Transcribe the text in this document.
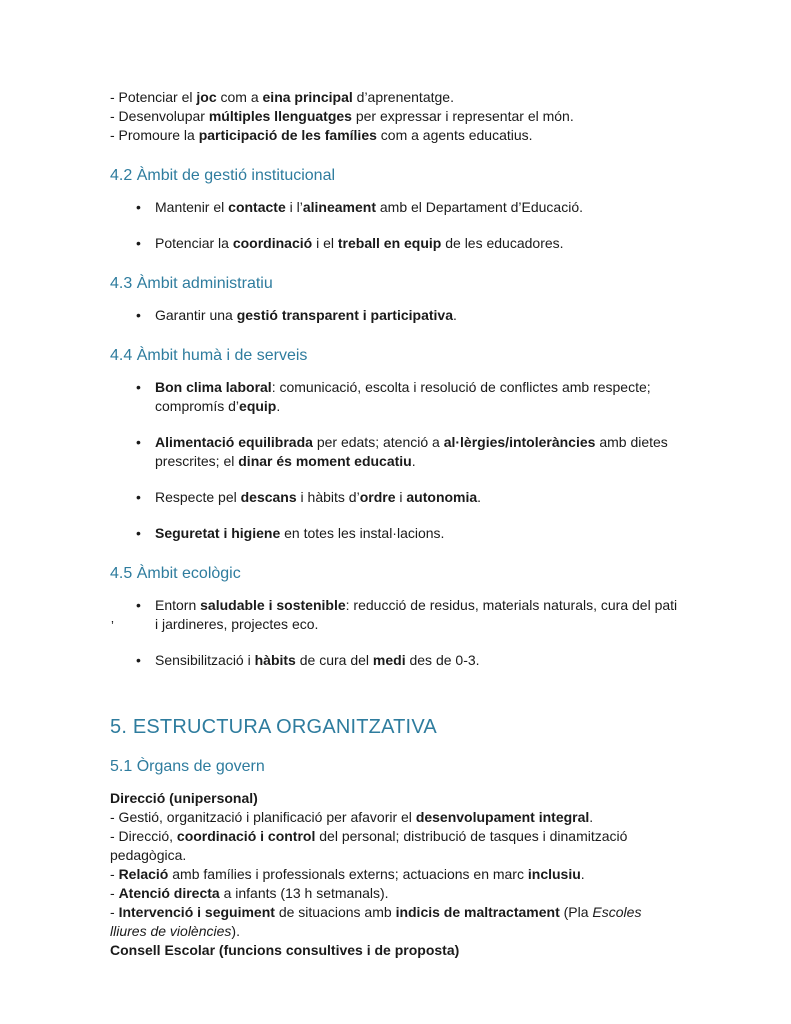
- Potenciar el joc com a eina principal d’aprenentatge.

- Desenvolupar múltiples llenguatges per expressar i representar el món.

- Promoure la participació de les famílies com a agents educatius.

4.2 Àmbit de gestió institucional
• Mantenir el contacte i l’alineament amb el Departament d’Educació.
• Potenciar la coordinació i el treball en equip de les educadores.
4.3 Àmbit administratiu
• Garantir una gestió transparent i participativa.
4.4 Àmbit humà i de serveis
• Bon clima laboral: comunicació, escolta i resolució de conflictes amb respecte; compromís d’equip.
• Alimentació equilibrada per edats; atenció a al·lèrgies/intoleràncies amb dietes prescrites; el dinar és moment educatiu.
• Respecte pel descans i hàbits d’ordre i autonomia.
• Seguretat i higiene en totes les instal·lacions.
4.5 Àmbit ecològic
• Entorn saludable i sostenible: reducció de residus, materials naturals, cura del pati i jardineres, projectes eco.
• Sensibilització i hàbits de cura del medi des de 0-3.
’
5. ESTRUCTURA ORGANITZATIVA
5.1 Òrgans de govern

Direcció (unipersonal)

- Gestió, organització i planificació per afavorir el desenvolupament integral.

- Direcció, coordinació i control del personal; distribució de tasques i dinamització pedagògica.

- Relació amb famílies i professionals externs; actuacions en marc inclusiu.

- Atenció directa a infants (13 h setmanals).

- Intervenció i seguiment de situacions amb indicis de maltractament (Pla Escoles lliures de violències).

Consell Escolar (funcions consultives i de proposta)
